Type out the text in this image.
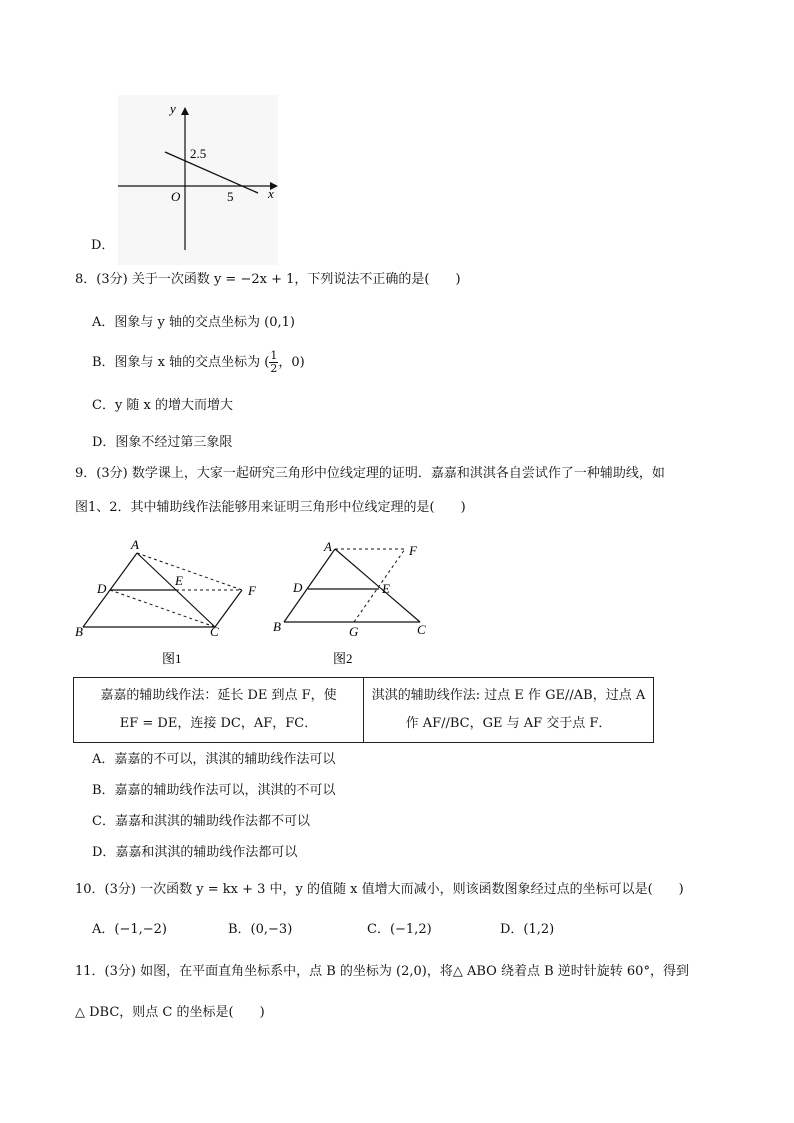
y
x
O
2.5
5
D．
8．(3分) 关于一次函数 y = −2x + 1，下列说法不正确的是(　　)
A．图象与 y 轴的交点坐标为 (0,1)
B．图象与 x 轴的交点坐标为 ( $\frac{1}{2}$ ，0)
C．y 随 x 的增大而增大
D．图象不经过第三象限
9．(3分) 数学课上，大家一起研究三角形中位线定理的证明．嘉嘉和淇淇各自尝试作了一种辅助线，如
图1、2．其中辅助线作法能够用来证明三角形中位线定理的是(　　)
A
D
E
F
B	C
图1
A	F
D	E
B	G	C
图2
嘉嘉的辅助线作法：延长 DE 到点 F，使
EF = DE，连接 DC，AF，FC．

淇淇的辅助线作法: 过点 E 作 GE//AB，过点 A
作 AF//BC，GE 与 AF 交于点 F．
A．嘉嘉的不可以，淇淇的辅助线作法可以
B．嘉嘉的辅助线作法可以，淇淇的不可以
C．嘉嘉和淇淇的辅助线作法都不可以
D．嘉嘉和淇淇的辅助线作法都可以
10．(3分) 一次函数 y = kx + 3 中，y 的值随 x 值增大而减小，则该函数图象经过点的坐标可以是(　　)
A．(−1,−2)	B．(0,−3)	C．(−1,2)	D．(1,2)
11．(3分) 如图，在平面直角坐标系中，点 B 的坐标为 (2,0)，将△ ABO 绕着点 B 逆时针旋转 60°，得到
△ DBC，则点 C 的坐标是(　　)
